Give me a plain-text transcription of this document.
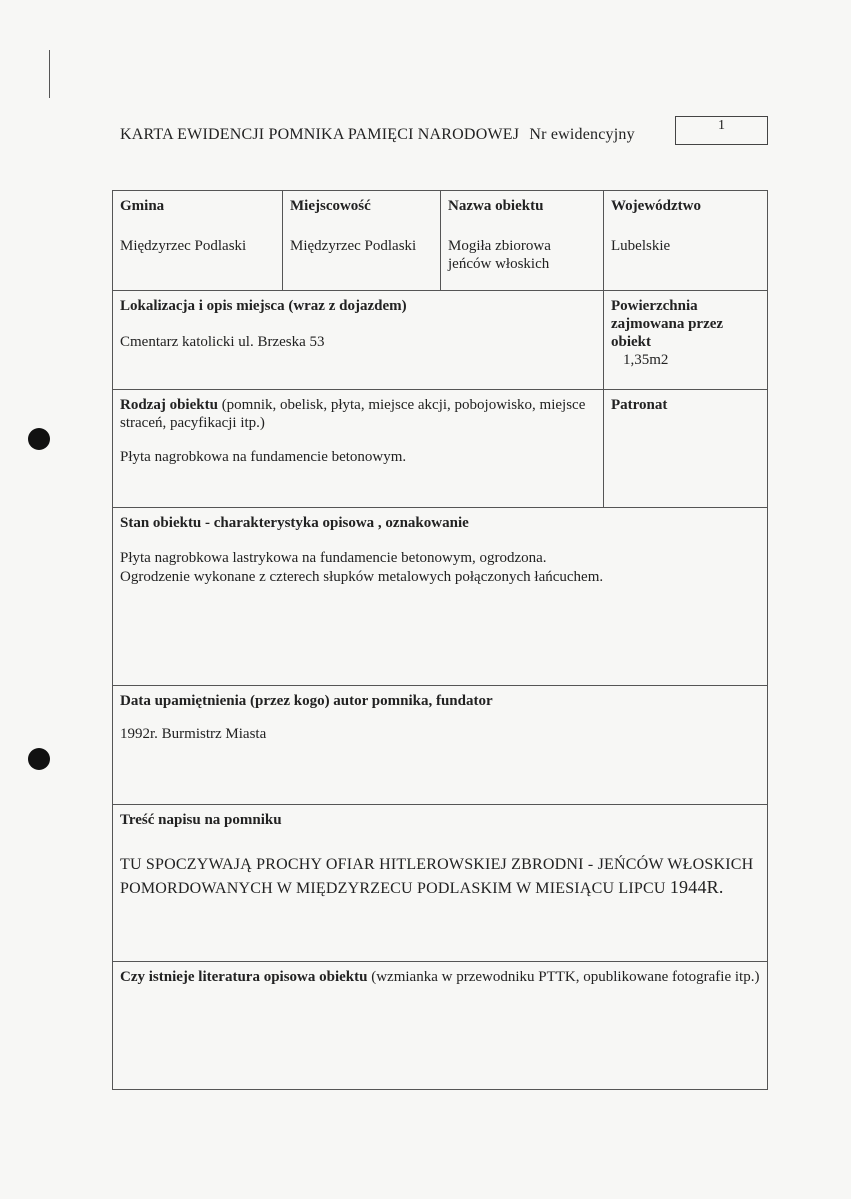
KARTA EWIDENCJI POMNIKA PAMIĘCI NARODOWEJ Nr ewidencyjny
1
Gmina
Międzyrzec Podlaski
Miejscowość
Międzyrzec Podlaski
Nazwa obiektu
Mogiła zbiorowa jeńców włoskich
Województwo
Lubelskie
Lokalizacja i opis miejsca (wraz z dojazdem)
Cmentarz katolicki ul. Brzeska 53
Powierzchnia zajmowana przez obiekt
1,35m2
Rodzaj obiektu (pomnik, obelisk, płyta, miejsce akcji, pobojowisko, miejsce straceń, pacyfikacji itp.)
Płyta nagrobkowa na fundamencie betonowym.
Patronat
Stan obiektu - charakterystyka opisowa , oznakowanie
Płyta nagrobkowa lastrykowa na fundamencie betonowym, ogrodzona.
Ogrodzenie wykonane z czterech słupków metalowych połączonych łańcuchem.
Data upamiętnienia (przez kogo) autor pomnika, fundator
1992r. Burmistrz Miasta
Treść napisu na pomniku
TU SPOCZYWAJĄ PROCHY OFIAR HITLEROWSKIEJ ZBRODNI - JEŃCÓW WŁOSKICH
POMORDOWANYCH W MIĘDZYRZECU PODLASKIM W MIESIĄCU LIPCU 1944R.
Czy istnieje literatura opisowa obiektu (wzmianka w przewodniku PTTK, opublikowane fotografie itp.)
